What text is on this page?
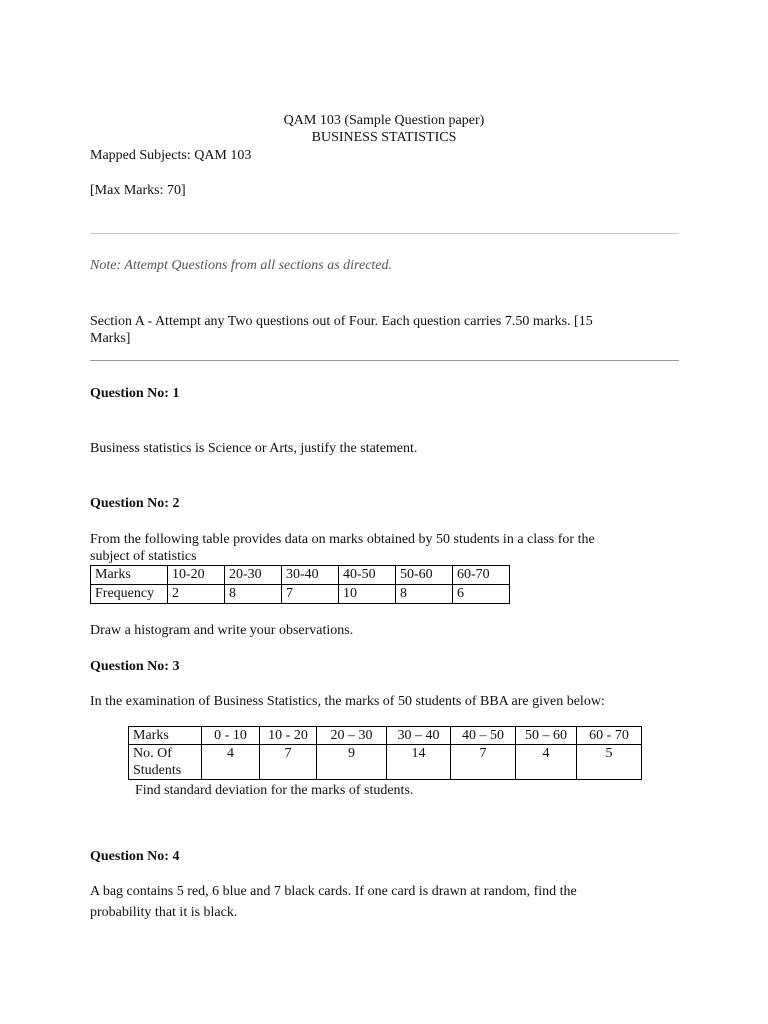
QAM 103 (Sample Question paper)
BUSINESS STATISTICS
Mapped Subjects: QAM 103
[Max Marks: 70]
Note: Attempt Questions from all sections as directed.
Section A - Attempt any Two questions out of Four. Each question carries 7.50 marks. [15
Marks]
Question No: 1
Business statistics is Science or Arts, justify the statement.
Question No: 2
From the following table provides data on marks obtained by 50 students in a class for the
subject of statistics
Marks	10-20	20-30	30-40	40-50	50-60	60-70
Frequency	2	8	7	10	8	6
Draw a histogram and write your observations.
Question No: 3
In the examination of Business Statistics, the marks of 50 students of BBA are given below:
Marks	0 - 10	10 - 20	20 – 30	30 – 40	40 – 50	50 – 60	60 - 70
No. Of
Students	4	7	9	14	7	4	5
Find standard deviation for the marks of students.
Question No: 4
A bag contains 5 red, 6 blue and 7 black cards. If one card is drawn at random, find the
probability that it is black.
